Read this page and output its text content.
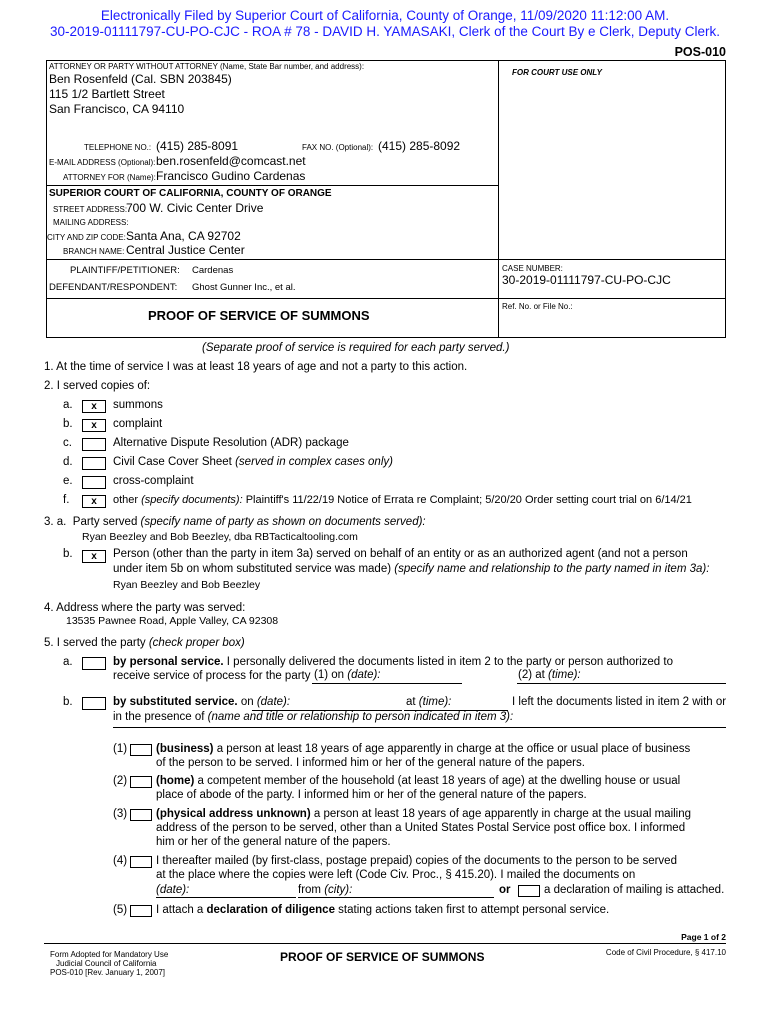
Electronically Filed by Superior Court of California, County of Orange, 11/09/2020 11:12:00 AM.
30-2019-01111797-CU-PO-CJC - ROA # 78 - DAVID H. YAMASAKI, Clerk of the Court By e Clerk, Deputy Clerk.
POS-010
ATTORNEY OR PARTY WITHOUT ATTORNEY (Name, State Bar number, and address):
Ben Rosenfeld (Cal. SBN 203845)
115 1/2 Bartlett Street
San Francisco, CA 94110
TELEPHONE NO.: (415) 285-8091	FAX NO. (Optional): (415) 285-8092
E-MAIL ADDRESS (Optional): ben.rosenfeld@comcast.net
ATTORNEY FOR (Name): Francisco Gudino Cardenas
FOR COURT USE ONLY
SUPERIOR COURT OF CALIFORNIA, COUNTY OF ORANGE
STREET ADDRESS:
700 W. Civic Center Drive
MAILING ADDRESS:
CITY AND ZIP CODE: Santa Ana, CA 92702
BRANCH NAME: Central Justice Center
PLAINTIFF/PETITIONER: Cardenas
DEFENDANT/RESPONDENT: Ghost Gunner Inc., et al.
CASE NUMBER:
30-2019-01111797-CU-PO-CJC
Ref. No. or File No.:
PROOF OF SERVICE OF SUMMONS
(Separate proof of service is required for each party served.)
1. At the time of service I was at least 18 years of age and not a party to this action.
2. I served copies of:
a.	x	summons
b.	x	complaint
c.	Alternative Dispute Resolution (ADR) package
d.	Civil Case Cover Sheet (served in complex cases only)
e.	cross-complaint
f.	x	other (specify documents): Plaintiff's 11/22/19 Notice of Errata re Complaint; 5/20/20 Order setting court trial on 6/14/21
3. a. Party served (specify name of party as shown on documents served):
Ryan Beezley and Bob Beezley, dba RBTacticaltooling.com
b.	x	Person (other than the party in item 3a) served on behalf of an entity or as an authorized agent (and not a person
under item 5b on whom substituted service was made) (specify name and relationship to the party named in item 3a):
Ryan Beezley and Bob Beezley
4. Address where the party was served:
13535 Pawnee Road, Apple Valley, CA 92308
5. I served the party (check proper box)
a.	by personal service. I personally delivered the documents listed in item 2 to the party or person authorized to
receive service of process for the party (1) on (date):	(2) at (time):
b.	by substituted service. on (date):	at (time):	I left the documents listed in item 2 with or
in the presence of (name and title or relationship to person indicated in item 3):
(1)	(business) a person at least 18 years of age apparently in charge at the office or usual place of business
of the person to be served. I informed him or her of the general nature of the papers.
(2)	(home) a competent member of the household (at least 18 years of age) at the dwelling house or usual
place of abode of the party. I informed him or her of the general nature of the papers.
(3)	(physical address unknown) a person at least 18 years of age apparently in charge at the usual mailing
address of the person to be served, other than a United States Postal Service post office box. I informed
him or her of the general nature of the papers.
(4)	I thereafter mailed (by first-class, postage prepaid) copies of the documents to the person to be served
at the place where the copies were left (Code Civ. Proc., § 415.20). I mailed the documents on
(date):	from (city):	or	a declaration of mailing is attached.
(5)	I attach a declaration of diligence stating actions taken first to attempt personal service.
Page 1 of 2
Form Adopted for Mandatory Use
Judicial Council of California
POS-010 [Rev. January 1, 2007]
PROOF OF SERVICE OF SUMMONS	Code of Civil Procedure, § 417.10
